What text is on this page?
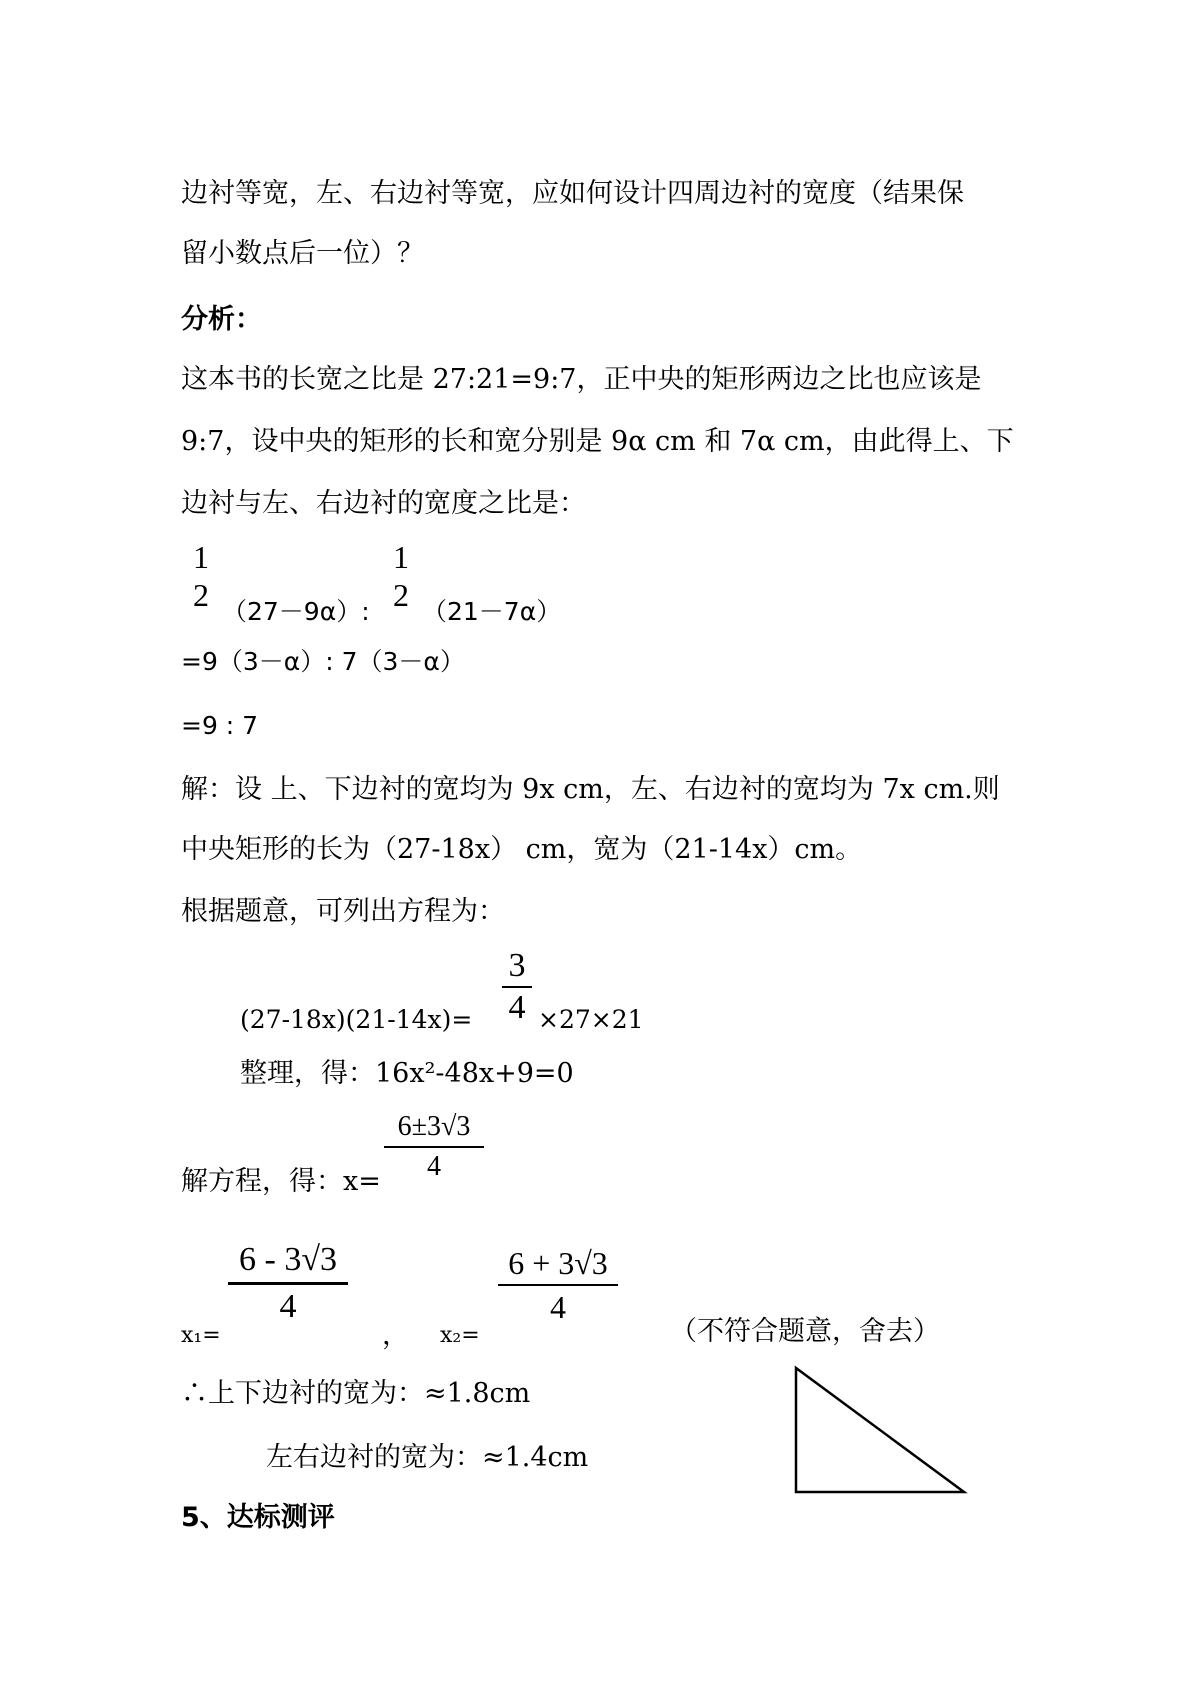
边衬等宽，左、右边衬等宽，应如何设计四周边衬的宽度（结果保
留小数点后一位）？
分析：
这本书的长宽之比是 27:21=9:7，正中央的矩形两边之比也应该是
9:7，设中央的矩形的长和宽分别是 9α cm 和 7α cm，由此得上、下
边衬与左、右边衬的宽度之比是：
1
2 （27－9α）:
1
2 （21－7α）
=9（3－α）: 7（3－α）
=9 : 7
解：设 上、下边衬的宽均为 9x cm，左、右边衬的宽均为 7x cm.则
中央矩形的长为（27-18x） cm，宽为（21-14x）cm。
根据题意，可列出方程为：
(27-18x)(21-14x)=
3
4 ×27×21
整理，得：16x²-48x+9=0
解方程，得：x=
6±3√3
4
x₁=
6 - 3√3
4
， x₂=
6 + 3√3
4
（不符合题意，舍去）
∴上下边衬的宽为：≈1.8cm
左右边衬的宽为：≈1.4cm
5、达标测评
